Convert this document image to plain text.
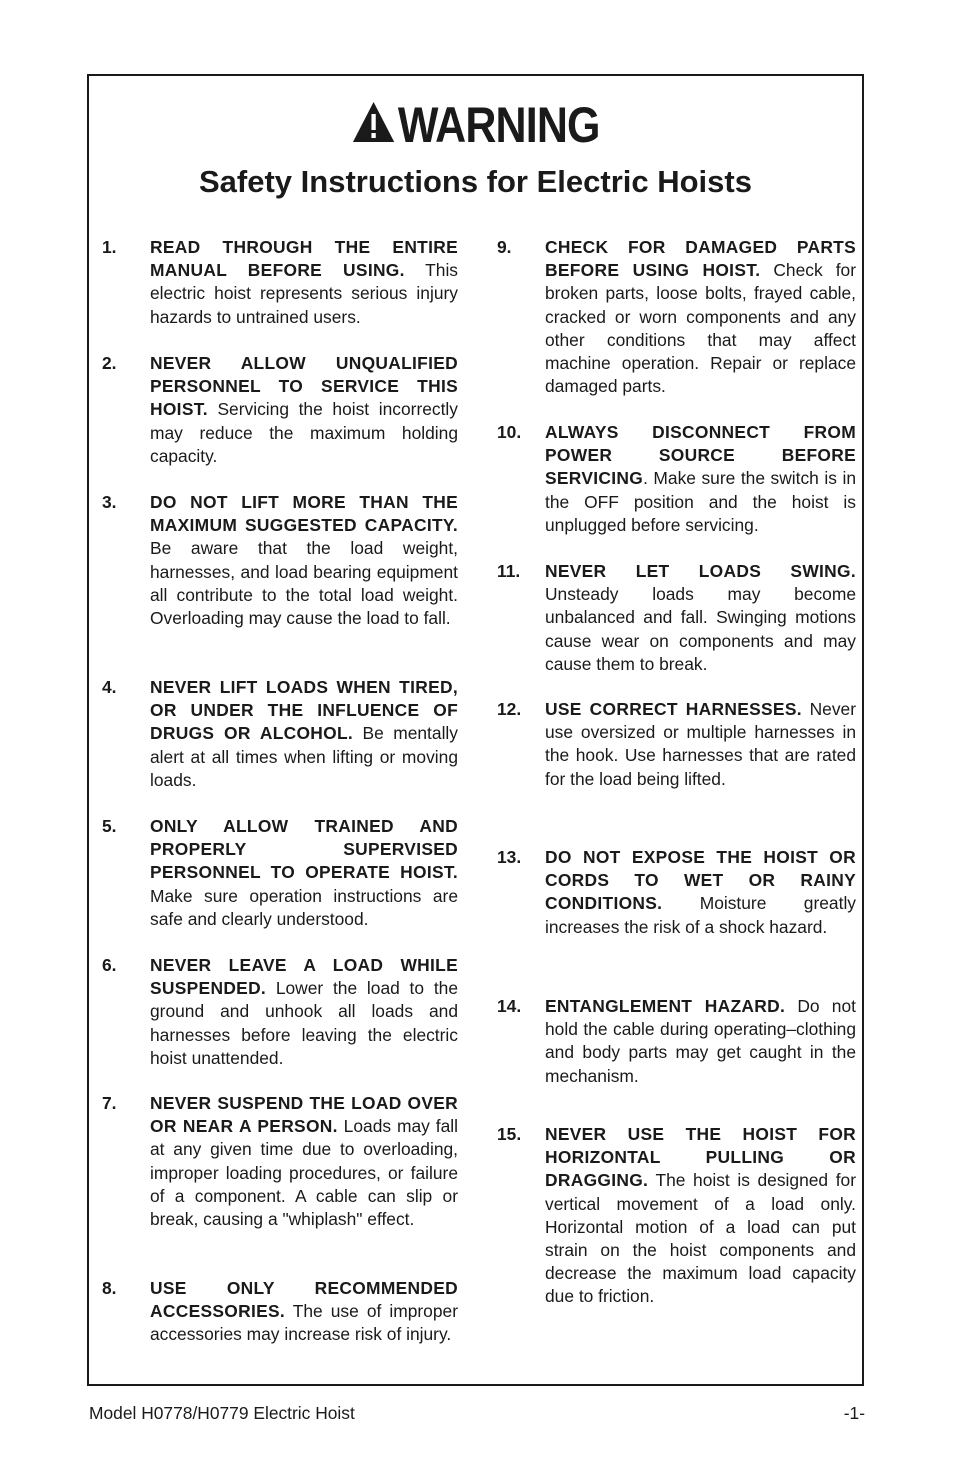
WARNING
Safety Instructions for Electric Hoists
1.	READ THROUGH THE ENTIRE MANUAL BEFORE USING. This electric hoist represents serious injury hazards to untrained users.
2.	NEVER ALLOW UNQUALIFIED PERSONNEL TO SERVICE THIS HOIST. Servicing the hoist incorrectly may reduce the maximum holding capacity.
3.	DO NOT LIFT MORE THAN THE MAXIMUM SUGGESTED CAPACITY. Be aware that the load weight, harnesses, and load bearing equipment all contribute to the total load weight. Overloading may cause the load to fall.
4.	NEVER LIFT LOADS WHEN TIRED, OR UNDER THE INFLUENCE OF DRUGS OR ALCOHOL. Be mentally alert at all times when lifting or moving loads.
5.	ONLY ALLOW TRAINED AND PROPERLY SUPERVISED PERSONNEL TO OPERATE HOIST. Make sure operation instructions are safe and clearly understood.
6.	NEVER LEAVE A LOAD WHILE SUSPENDED. Lower the load to the ground and unhook all loads and harnesses before leaving the electric hoist unattended.
7.	NEVER SUSPEND THE LOAD OVER OR NEAR A PERSON. Loads may fall at any given time due to overloading, improper loading procedures, or failure of a component. A cable can slip or break, causing a "whiplash" effect.
8.	USE ONLY RECOMMENDED ACCESSORIES. The use of improper accessories may increase risk of injury.
9.	CHECK FOR DAMAGED PARTS BEFORE USING HOIST. Check for broken parts, loose bolts, frayed cable, cracked or worn components and any other conditions that may affect machine operation. Repair or replace damaged parts.
10.	ALWAYS DISCONNECT FROM POWER SOURCE BEFORE SERVICING. Make sure the switch is in the OFF position and the hoist is unplugged before servicing.
11.	NEVER LET LOADS SWING. Unsteady loads may become unbalanced and fall. Swinging motions cause wear on components and may cause them to break.
12.	USE CORRECT HARNESSES. Never use oversized or multiple harnesses in the hook. Use harnesses that are rated for the load being lifted.
13.	DO NOT EXPOSE THE HOIST OR CORDS TO WET OR RAINY CONDITIONS. Moisture greatly increases the risk of a shock hazard.
14.	ENTANGLEMENT HAZARD. Do not hold the cable during operating–clothing and body parts may get caught in the mechanism.
15.	NEVER USE THE HOIST FOR HORIZONTAL PULLING OR DRAGGING. The hoist is designed for vertical movement of a load only. Horizontal motion of a load can put strain on the hoist components and decrease the maximum load capacity due to friction.
Model H0778/H0779 Electric Hoist	-1-
